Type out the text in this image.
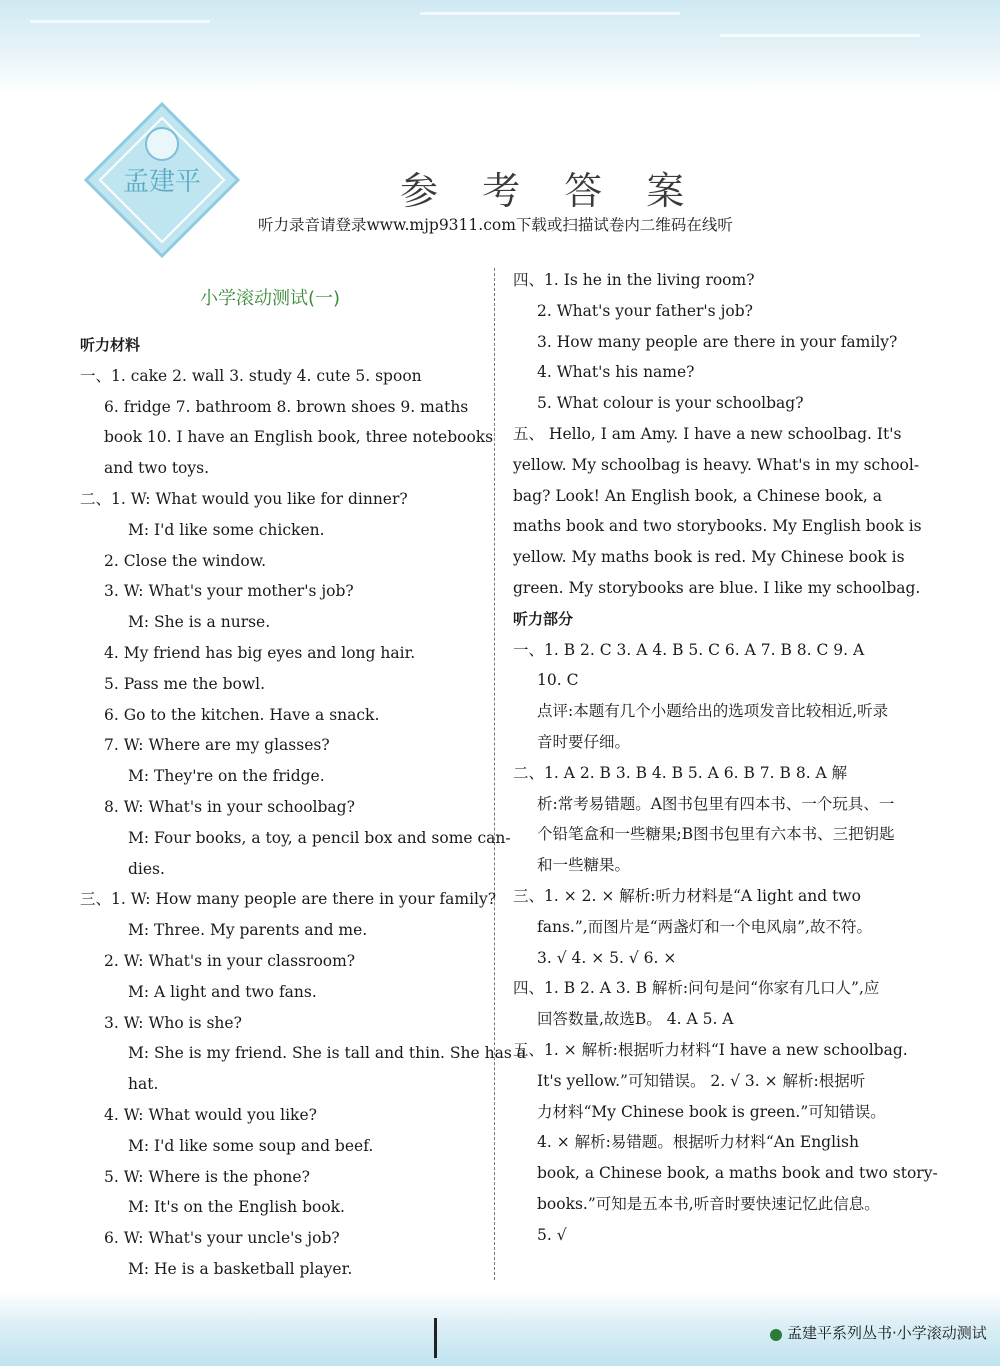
孟建平	参 考 答 案
听力录音请登录www.mjp9311.com下载或扫描试卷内二维码在线听
小学滚动测试(一)
听力材料
一、1. cake 2. wall 3. study 4. cute 5. spoon
6. fridge 7. bathroom 8. brown shoes 9. maths
book 10. I have an English book, three notebooks
and two toys.
二、1. W: What would you like for dinner?
M: I'd like some chicken.
2. Close the window.
3. W: What's your mother's job?
M: She is a nurse.
4. My friend has big eyes and long hair.
5. Pass me the bowl.
6. Go to the kitchen. Have a snack.
7. W: Where are my glasses?
M: They're on the fridge.
8. W: What's in your schoolbag?
M: Four books, a toy, a pencil box and some can-
dies.
三、1. W: How many people are there in your family?
M: Three. My parents and me.
2. W: What's in your classroom?
M: A light and two fans.
3. W: Who is she?
M: She is my friend. She is tall and thin. She has a
hat.
4. W: What would you like?
M: I'd like some soup and beef.
5. W: Where is the phone?
M: It's on the English book.
6. W: What's your uncle's job?
M: He is a basketball player.
四、1. Is he in the living room?
2. What's your father's job?
3. How many people are there in your family?
4. What's his name?
5. What colour is your schoolbag?
五、 Hello, I am Amy. I have a new schoolbag. It's
yellow. My schoolbag is heavy. What's in my school-
bag? Look! An English book, a Chinese book, a
maths book and two storybooks. My English book is
yellow. My maths book is red. My Chinese book is
green. My storybooks are blue. I like my schoolbag.
听力部分
一、1. B 2. C 3. A 4. B 5. C 6. A 7. B 8. C 9. A
10. C
点评:本题有几个小题给出的选项发音比较相近,听录
音时要仔细。
二、1. A 2. B 3. B 4. B 5. A 6. B 7. B 8. A 解
析:常考易错题。A图书包里有四本书、一个玩具、一
个铅笔盒和一些糖果;B图书包里有六本书、三把钥匙
和一些糖果。
三、1. × 2. × 解析:听力材料是“A light and two
fans.”,而图片是“两盏灯和一个电风扇”,故不符。
3. √ 4. × 5. √ 6. ×
四、1. B 2. A 3. B 解析:问句是问“你家有几口人”,应
回答数量,故选B。 4. A 5. A
五、1. × 解析:根据听力材料“I have a new schoolbag.
It's yellow.”可知错误。 2. √ 3. × 解析:根据听
力材料“My Chinese book is green.”可知错误。
4. × 解析:易错题。根据听力材料“An English
book, a Chinese book, a maths book and two story-
books.”可知是五本书,听音时要快速记忆此信息。
5. √
孟建平系列丛书·小学滚动测试
